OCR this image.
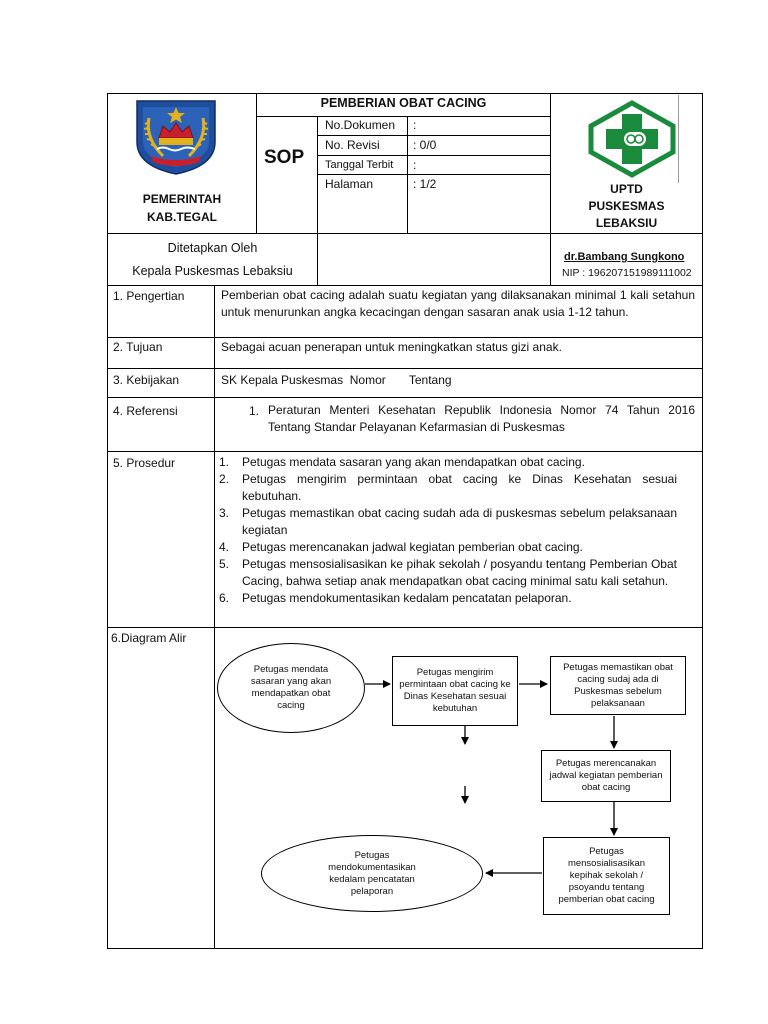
PEMERINTAH
KAB.TEGAL
PEMBERIAN OBAT CACING
SOP
No.Dokumen :
No. Revisi	: 0/0
Tanggal Terbit :
Halaman	: 1/2	UPTD
PUSKESMAS
LEBAKSIU
Ditetapkan Oleh
Kepala Puskesmas Lebaksiu
dr.Bambang Sungkono
NIP : 196207151989111002
1. Pengertian	Pemberian obat cacing adalah suatu kegiatan yang dilaksanakan minimal 1 kali setahun untuk menurunkan angka kecacingan dengan sasaran anak usia 1-12 tahun.
2. Tujuan	Sebagai acuan penerapan untuk meningkatkan status gizi anak.
3. Kebijakan	SK Kepala Puskesmas  Nomor       Tentang
4. Referensi	1. Peraturan Menteri Kesehatan Republik Indonesia Nomor 74 Tahun 2016 Tentang Standar Pelayanan Kefarmasian di Puskesmas
5. Prosedur	1. Petugas mendata sasaran yang akan mendapatkan obat cacing.
2. Petugas mengirim permintaan obat cacing ke Dinas Kesehatan sesuai kebutuhan.
3. Petugas memastikan obat cacing sudah ada di puskesmas sebelum pelaksanaan kegiatan
4. Petugas merencanakan jadwal kegiatan pemberian obat cacing.
5. Petugas mensosialisasikan ke pihak sekolah / posyandu tentang Pemberian Obat Cacing, bahwa setiap anak mendapatkan obat cacing minimal satu kali setahun.
6. Petugas mendokumentasikan kedalam pencatatan pelaporan.
6.Diagram Alir
Petugas mendata sasaran yang akan mendapatkan obat cacing
Petugas mengirim permintaan obat cacing ke Dinas Kesehatan sesuai kebutuhan
Petugas memastikan obat cacing sudaj ada di Puskesmas sebelum pelaksanaan
Petugas merencanakan jadwal kegiatan pemberian obat cacing
Petugas mensosialisasikan kepihak sekolah / psoyandu tentang pemberian obat cacing
Petugas mendokumentasikan kedalam pencatatan pelaporan
